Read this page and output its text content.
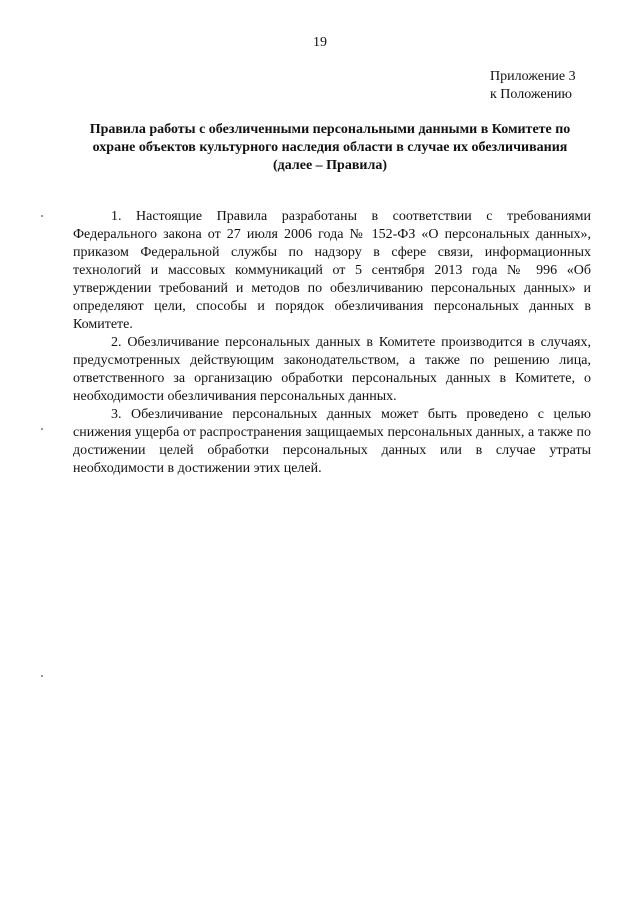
19
Приложение 3
к Положению
Правила работы с обезличенными персональными данными в Комитете по
охране объектов культурного наследия области в случае их обезличивания
(далее – Правила)

1. Настоящие Правила разработаны в соответствии с требованиями Федерального закона от 27 июля 2006 года № 152-ФЗ «О персональных данных», приказом Федеральной службы по надзору в сфере связи, информационных технологий и массовых коммуникаций от 5 сентября 2013 года № 996 «Об утверждении требований и методов по обезличиванию персональных данных» и определяют цели, способы и порядок обезличивания персональных данных в Комитете.

2. Обезличивание персональных данных в Комитете производится в случаях, предусмотренных действующим законодательством, а также по решению лица, ответственного за организацию обработки персональных данных в Комитете, о необходимости обезличивания персональных данных.

3. Обезличивание персональных данных может быть проведено с целью снижения ущерба от распространения защищаемых персональных данных, а также по достижении целей обработки персональных данных или в случае утраты необходимости в достижении этих целей.
